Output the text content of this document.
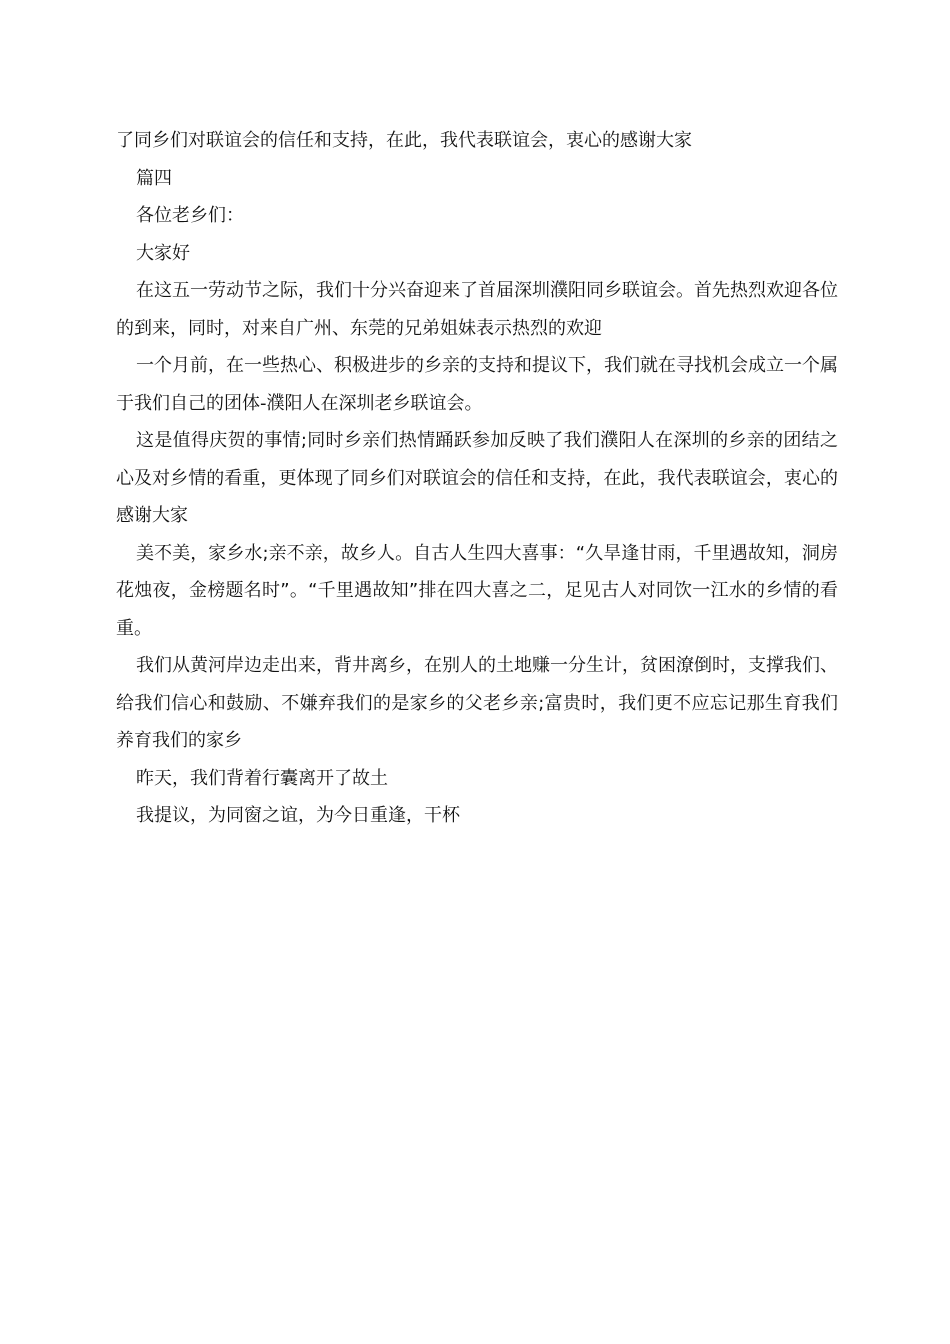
了同乡们对联谊会的信任和支持，在此，我代表联谊会，衷心的感谢大家

篇四

各位老乡们：

大家好

在这五一劳动节之际，我们十分兴奋迎来了首届深圳濮阳同乡联谊会。首先热烈欢迎各位的到来，同时，对来自广州、东莞的兄弟姐妹表示热烈的欢迎

一个月前，在一些热心、积极进步的乡亲的支持和提议下，我们就在寻找机会成立一个属于我们自己的团体-濮阳人在深圳老乡联谊会。

这是值得庆贺的事情;同时乡亲们热情踊跃参加反映了我们濮阳人在深圳的乡亲的团结之心及对乡情的看重，更体现了同乡们对联谊会的信任和支持，在此，我代表联谊会，衷心的感谢大家

美不美，家乡水;亲不亲，故乡人。自古人生四大喜事：“久旱逢甘雨，千里遇故知，洞房花烛夜，金榜题名时”。“千里遇故知”排在四大喜之二，足见古人对同饮一江水的乡情的看重。

我们从黄河岸边走出来，背井离乡，在别人的土地赚一分生计，贫困潦倒时，支撑我们、给我们信心和鼓励、不嫌弃我们的是家乡的父老乡亲;富贵时，我们更不应忘记那生育我们养育我们的家乡

昨天，我们背着行囊离开了故土

我提议，为同窗之谊，为今日重逢，干杯
